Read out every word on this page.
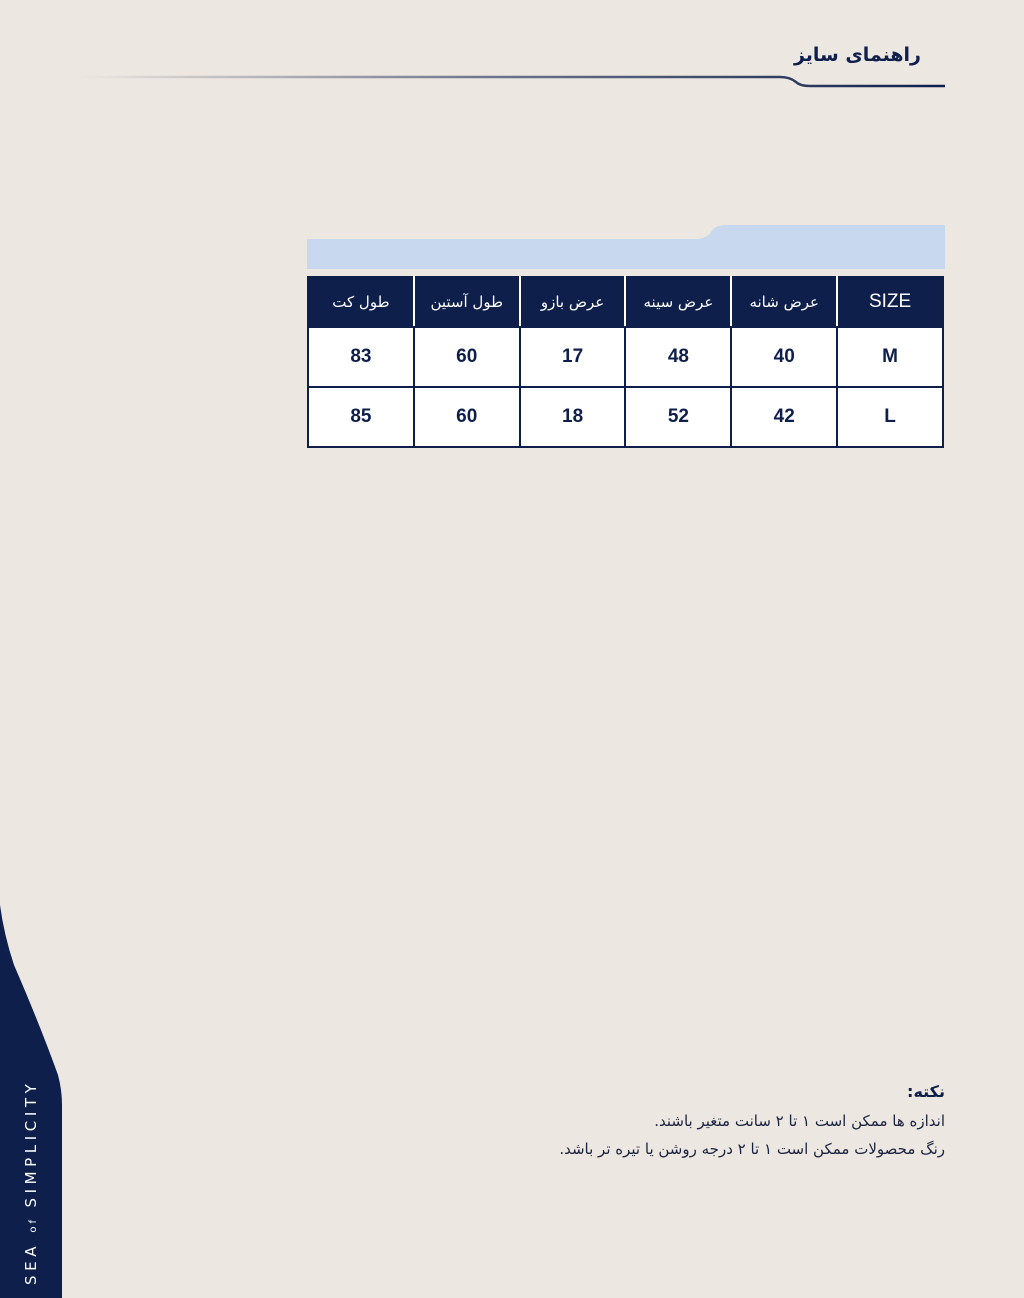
راهنمای سایز
طول کت	طول آستین	عرض بازو	عرض سینه	عرض شانه	SIZE
83	60	17	48	40	M
85	60	18	52	42	L
SEA of SIMPLICITY	نکته:
اندازه ها ممکن است ۱ تا ۲ سانت متغیر باشند.
رنگ محصولات ممکن است ۱ تا ۲ درجه روشن یا تیره تر باشد.
